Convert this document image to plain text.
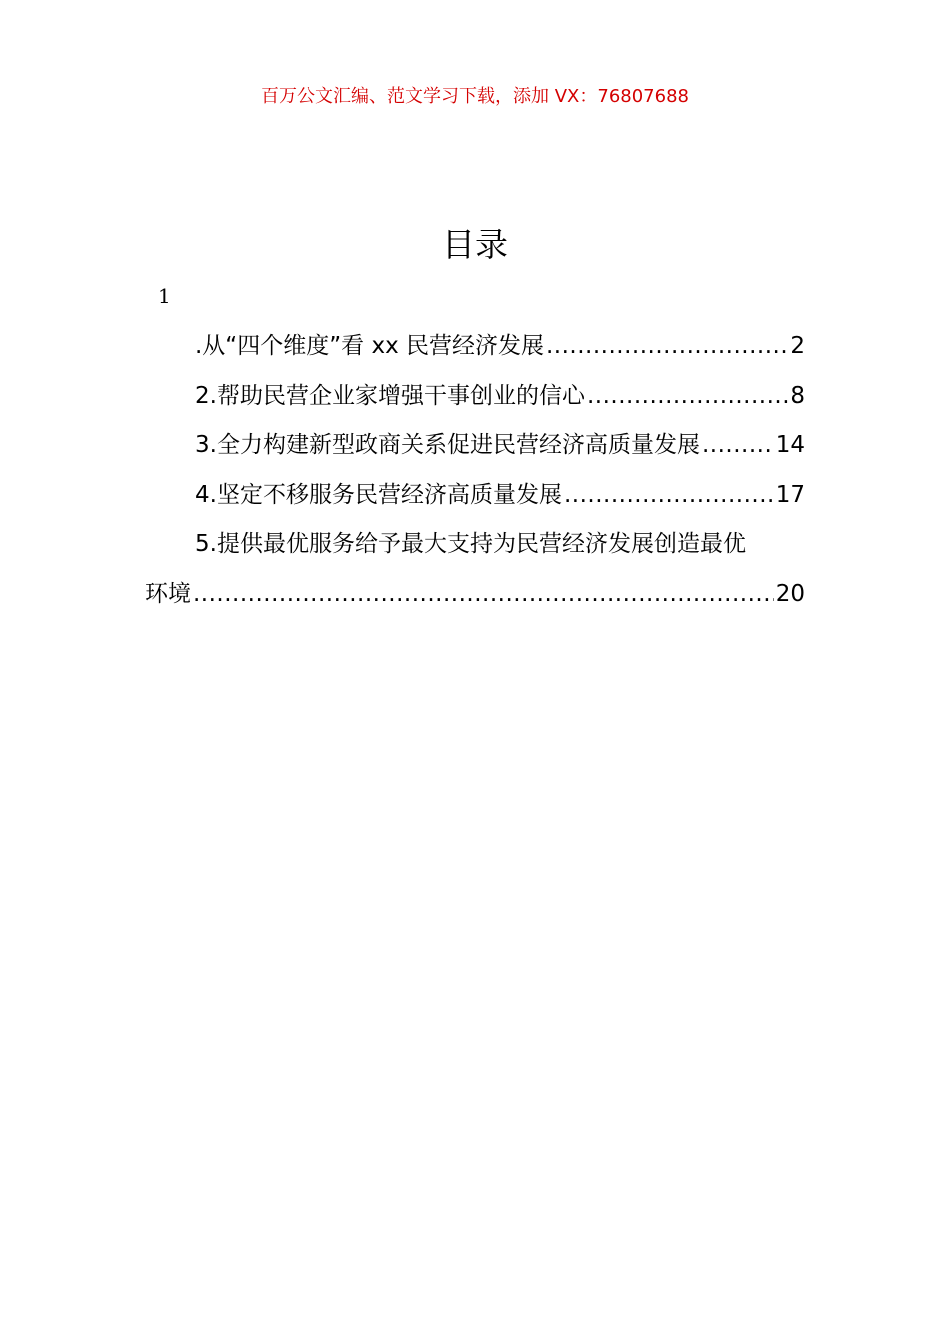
百万公文汇编、范文学习下载，添加 VX：76807688
目录
1
.从“四个维度”看 xx 民营经济发展 .....	2
2.帮助民营企业家增强干事创业的信心 .....	8
3.全力构建新型政商关系促进民营经济高质量发展 .....	14
4.坚定不移服务民营经济高质量发展 .....	17
5.提供最优服务给予最大支持为民营经济发展创造最优
环境 .....	20
